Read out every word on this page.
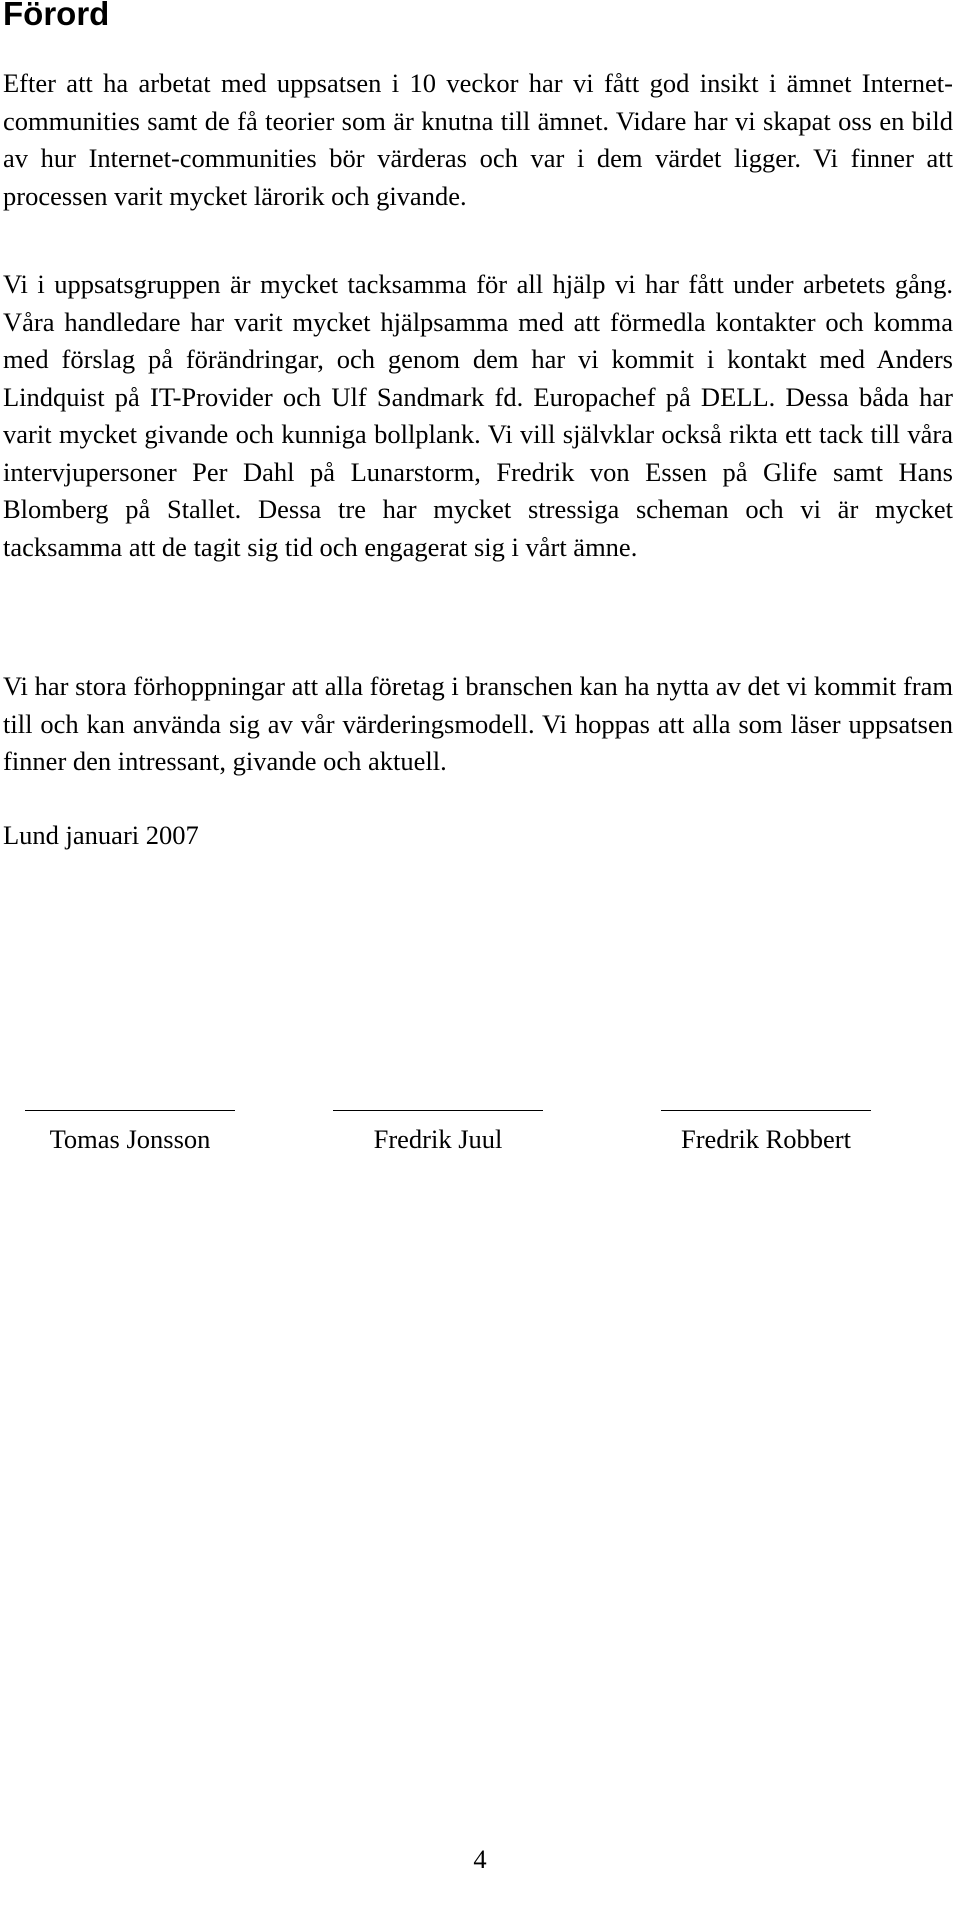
Förord

Efter att ha arbetat med uppsatsen i 10 veckor har vi fått god insikt i ämnet Internet-communities samt de få teorier som är knutna till ämnet. Vidare har vi skapat oss en bild av hur Internet-communities bör värderas och var i dem värdet ligger. Vi finner att processen varit mycket lärorik och givande.

Vi i uppsatsgruppen är mycket tacksamma för all hjälp vi har fått under arbetets gång. Våra handledare har varit mycket hjälpsamma med att förmedla kontakter och komma med förslag på förändringar, och genom dem har vi kommit i kontakt med Anders Lindquist på IT-Provider och Ulf Sandmark fd. Europachef på DELL. Dessa båda har varit mycket givande och kunniga bollplank. Vi vill självklar också rikta ett tack till våra intervjupersoner Per Dahl på Lunarstorm, Fredrik von Essen på Glife samt Hans Blomberg på Stallet. Dessa tre har mycket stressiga scheman och vi är mycket tacksamma att de tagit sig tid och engagerat sig i vårt ämne.

Vi har stora förhoppningar att alla företag i branschen kan ha nytta av det vi kommit fram till och kan använda sig av vår värderingsmodell. Vi hoppas att alla som läser uppsatsen finner den intressant, givande och aktuell.

Lund januari 2007

Tomas Jonsson	Fredrik Juul	Fredrik Robbert
4
